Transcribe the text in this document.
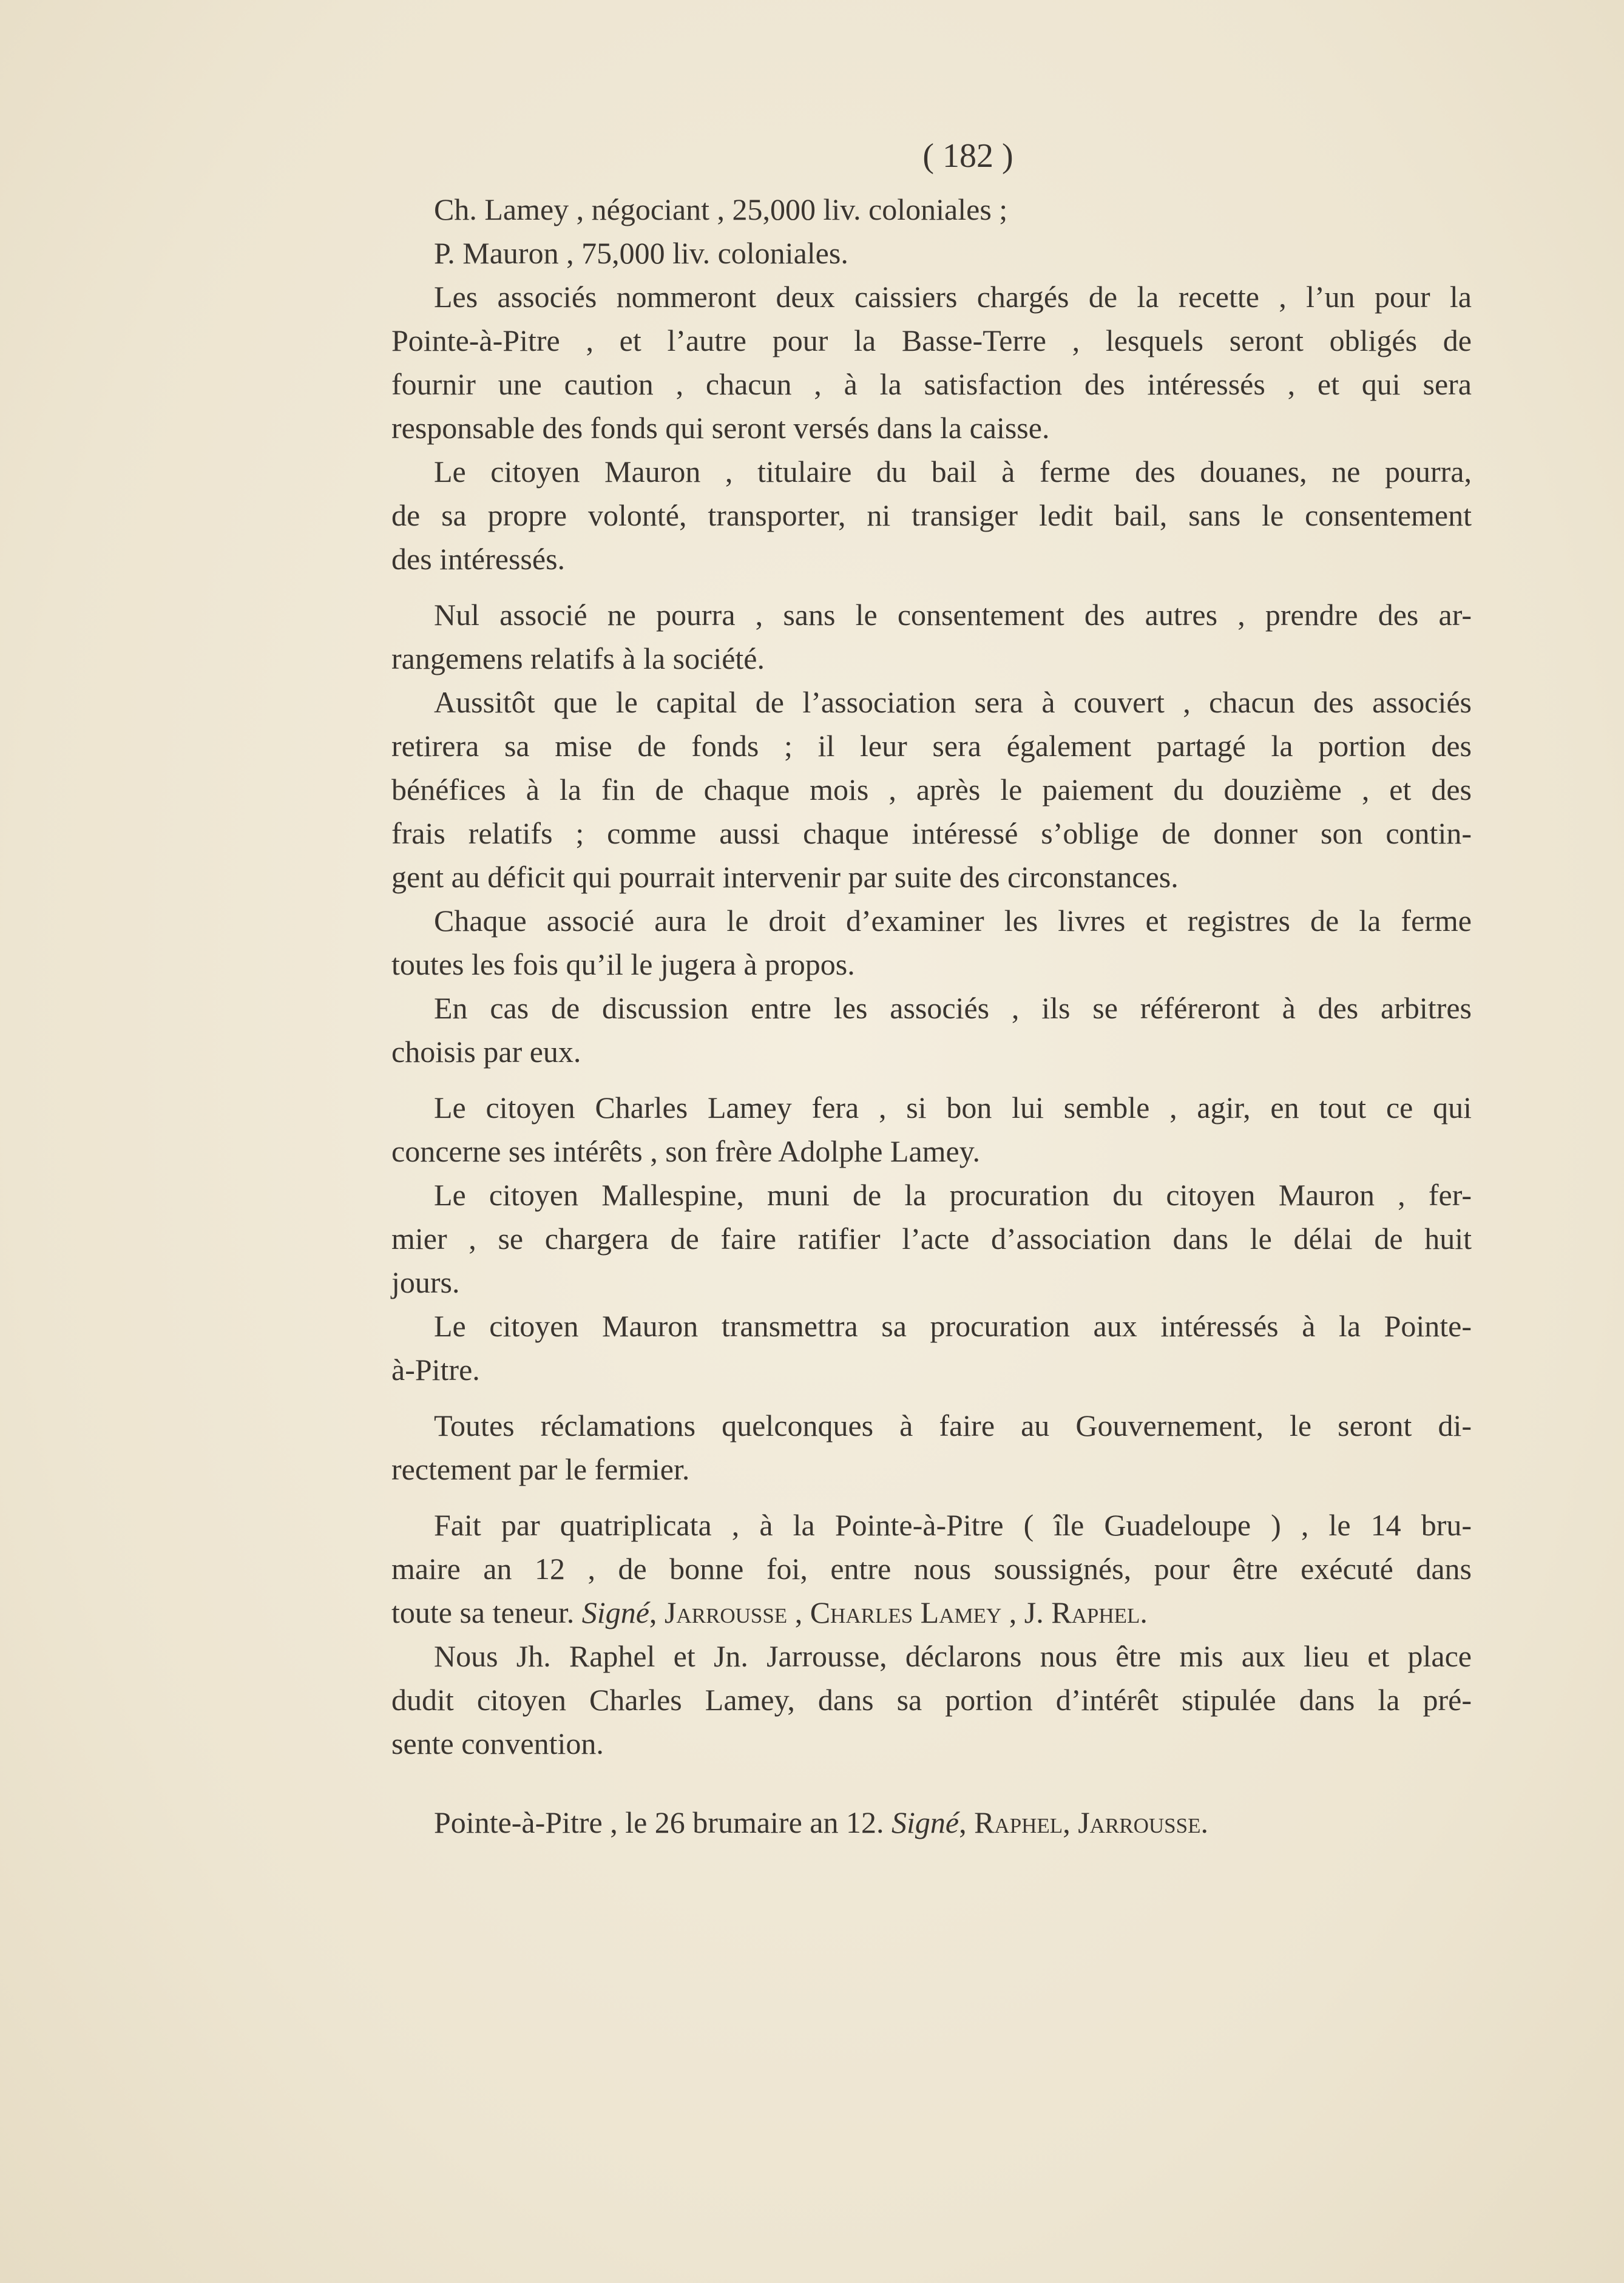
( 182 )
Ch. Lamey , négociant , 25,000 liv. coloniales ;
P. Mauron , 75,000 liv. coloniales.
Les associés nommeront deux caissiers chargés de la recette , l’un pour la
Pointe-à-Pitre , et l’autre pour la Basse-Terre , lesquels seront obligés de
fournir une caution , chacun , à la satisfaction des intéressés , et qui sera
responsable des fonds qui seront versés dans la caisse.
Le citoyen Mauron , titulaire du bail à ferme des douanes, ne pourra,
de sa propre volonté, transporter, ni transiger ledit bail, sans le consentement
des intéressés.
Nul associé ne pourra , sans le consentement des autres , prendre des ar-
rangemens relatifs à la société.
Aussitôt que le capital de l’association sera à couvert , chacun des associés
retirera sa mise de fonds ; il leur sera également partagé la portion des
bénéfices à la fin de chaque mois , après le paiement du douzième , et des
frais relatifs ; comme aussi chaque intéressé s’oblige de donner son contin-
gent au déficit qui pourrait intervenir par suite des circonstances.
Chaque associé aura le droit d’examiner les livres et registres de la ferme
toutes les fois qu’il le jugera à propos.
En cas de discussion entre les associés , ils se référeront à des arbitres
choisis par eux.
Le citoyen Charles Lamey fera , si bon lui semble , agir, en tout ce qui
concerne ses intérêts , son frère Adolphe Lamey.
Le citoyen Mallespine, muni de la procuration du citoyen Mauron , fer-
mier , se chargera de faire ratifier l’acte d’association dans le délai de huit
jours.
Le citoyen Mauron transmettra sa procuration aux intéressés à la Pointe-
à-Pitre.
Toutes réclamations quelconques à faire au Gouvernement, le seront di-
rectement par le fermier.
Fait par quatriplicata , à la Pointe-à-Pitre ( île Guadeloupe ) , le 14 bru-
maire an 12 , de bonne foi, entre nous soussignés, pour être exécuté dans
toute sa teneur. Signé, Jarrousse , Charles Lamey , J. Raphel.
Nous Jh. Raphel et Jn. Jarrousse, déclarons nous être mis aux lieu et place
dudit citoyen Charles Lamey, dans sa portion d’intérêt stipulée dans la pré-
sente convention.
Pointe-à-Pitre , le 26 brumaire an 12. Signé, Raphel, Jarrousse.
